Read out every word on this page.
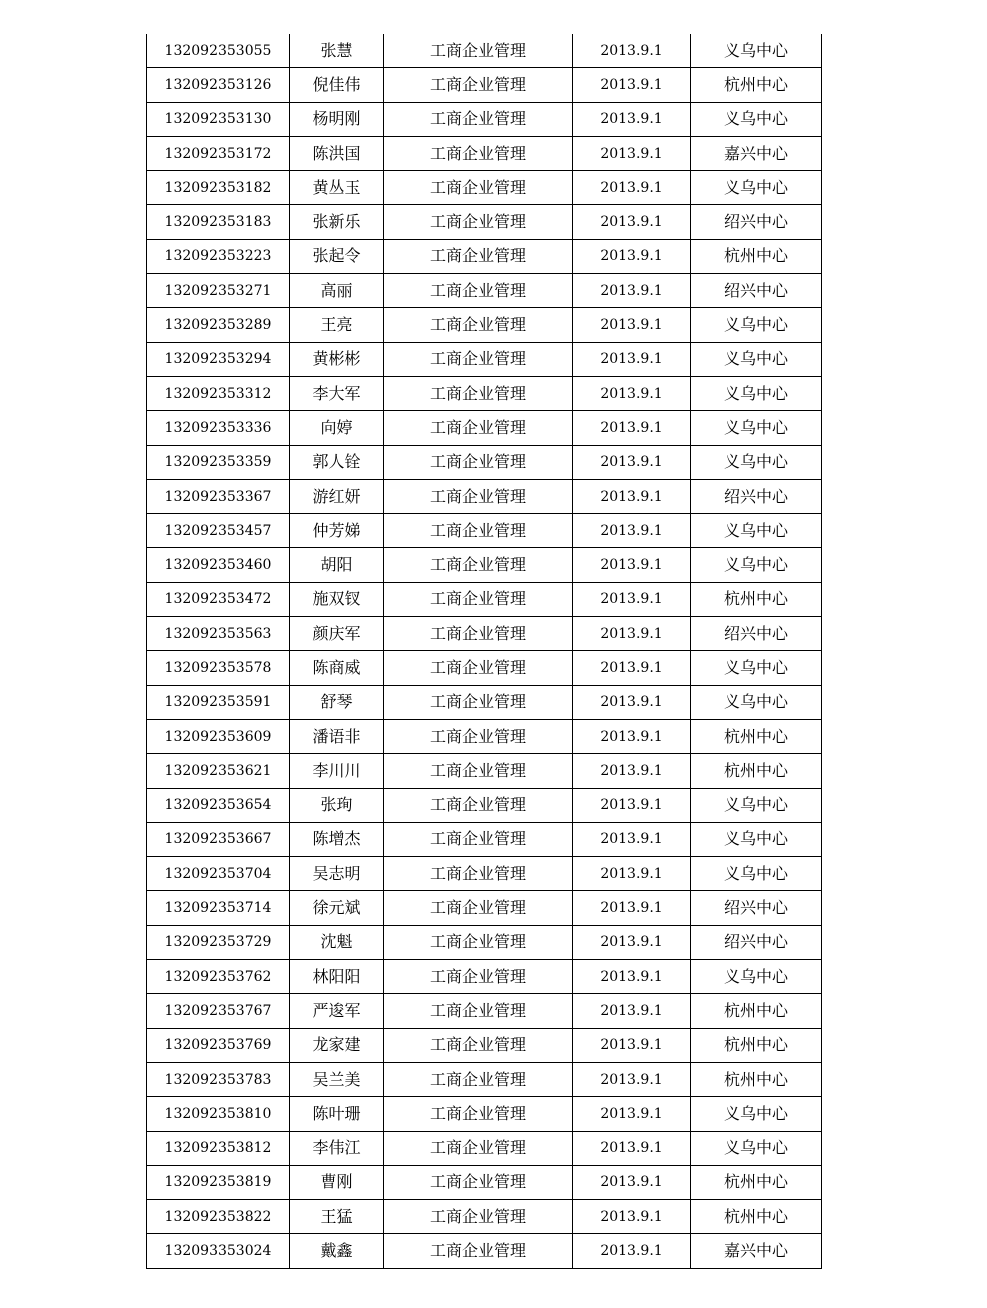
132092353055	张慧	工商企业管理	2013.9.1	义乌中心
132092353126	倪佳伟	工商企业管理	2013.9.1	杭州中心
132092353130	杨明刚	工商企业管理	2013.9.1	义乌中心
132092353172	陈洪国	工商企业管理	2013.9.1	嘉兴中心
132092353182	黄丛玉	工商企业管理	2013.9.1	义乌中心
132092353183	张新乐	工商企业管理	2013.9.1	绍兴中心
132092353223	张起令	工商企业管理	2013.9.1	杭州中心
132092353271	高丽	工商企业管理	2013.9.1	绍兴中心
132092353289	王亮	工商企业管理	2013.9.1	义乌中心
132092353294	黄彬彬	工商企业管理	2013.9.1	义乌中心
132092353312	李大军	工商企业管理	2013.9.1	义乌中心
132092353336	向婷	工商企业管理	2013.9.1	义乌中心
132092353359	郭人铨	工商企业管理	2013.9.1	义乌中心
132092353367	游红妍	工商企业管理	2013.9.1	绍兴中心
132092353457	仲芳娣	工商企业管理	2013.9.1	义乌中心
132092353460	胡阳	工商企业管理	2013.9.1	义乌中心
132092353472	施双钗	工商企业管理	2013.9.1	杭州中心
132092353563	颜庆军	工商企业管理	2013.9.1	绍兴中心
132092353578	陈商威	工商企业管理	2013.9.1	义乌中心
132092353591	舒琴	工商企业管理	2013.9.1	义乌中心
132092353609	潘语非	工商企业管理	2013.9.1	杭州中心
132092353621	李川川	工商企业管理	2013.9.1	杭州中心
132092353654	张珣	工商企业管理	2013.9.1	义乌中心
132092353667	陈增杰	工商企业管理	2013.9.1	义乌中心
132092353704	吴志明	工商企业管理	2013.9.1	义乌中心
132092353714	徐元斌	工商企业管理	2013.9.1	绍兴中心
132092353729	沈魁	工商企业管理	2013.9.1	绍兴中心
132092353762	林阳阳	工商企业管理	2013.9.1	义乌中心
132092353767	严逡军	工商企业管理	2013.9.1	杭州中心
132092353769	龙家建	工商企业管理	2013.9.1	杭州中心
132092353783	吴兰美	工商企业管理	2013.9.1	杭州中心
132092353810	陈叶珊	工商企业管理	2013.9.1	义乌中心
132092353812	李伟江	工商企业管理	2013.9.1	义乌中心
132092353819	曹刚	工商企业管理	2013.9.1	杭州中心
132092353822	王猛	工商企业管理	2013.9.1	杭州中心
132093353024	戴鑫	工商企业管理	2013.9.1	嘉兴中心
